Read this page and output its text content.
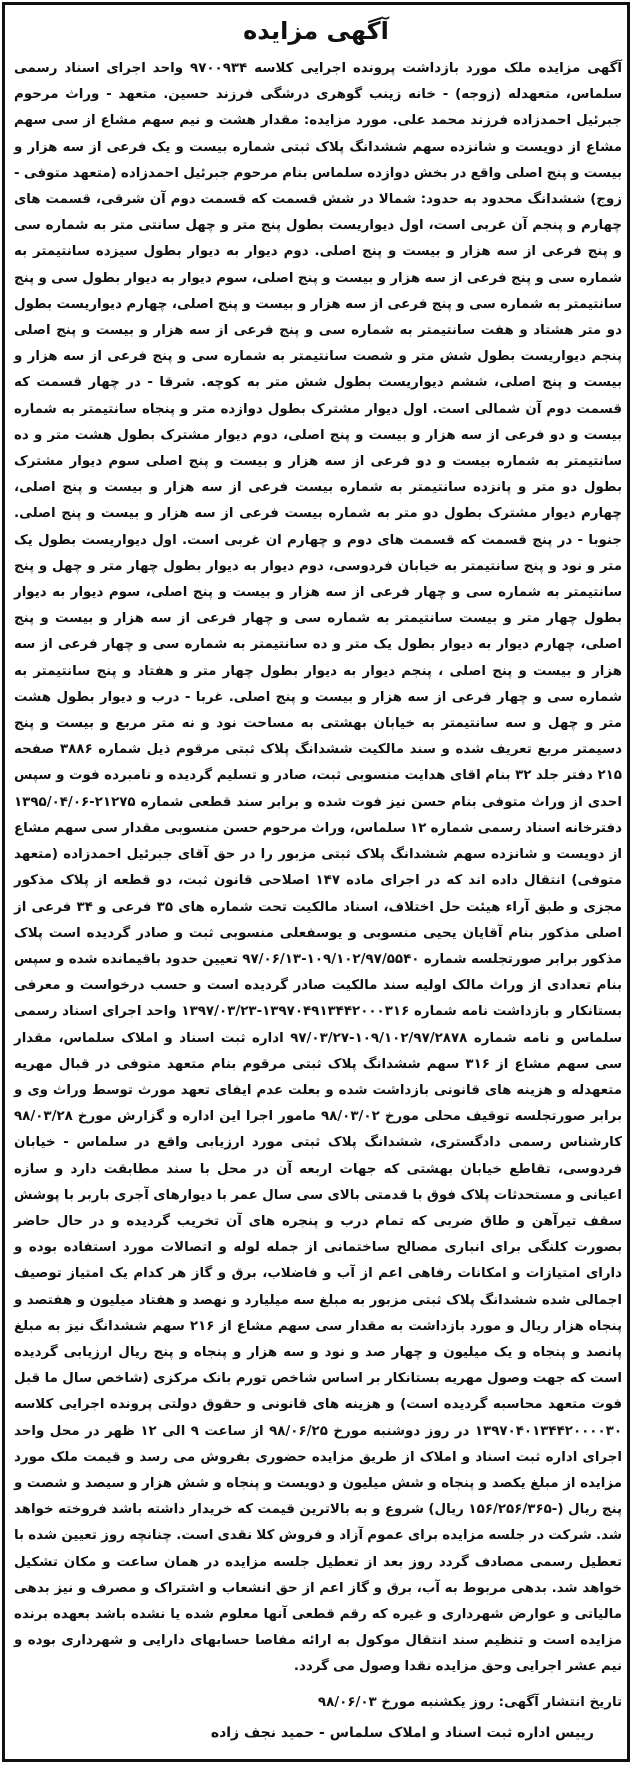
آگهی مزایده

آگهی مزایده ملک مورد بازداشت پرونده اجرایی کلاسه ۹۷۰۰۹۳۴ واحد اجرای اسناد رسمی سلماس، متعهدله (زوجه) - خانه زینب گوهری درشگی فرزند حسین. متعهد - وراث مرحوم جبرئیل احمدزاده فرزند محمد علی. مورد مزایده: مقدار هشت و نیم سهم مشاع از سی سهم مشاع از دویست و شانزده سهم ششدانگ پلاک ثبتی شماره بیست و یک فرعی از سه هزار و بیست و پنج اصلی واقع در بخش دوازده سلماس بنام مرحوم جبرئیل احمدزاده (متعهد متوفی - زوج) ششدانگ محدود به حدود: شمالا در شش قسمت که قسمت دوم آن شرقی، قسمت های چهارم و پنجم آن غربی است، اول دیواریست بطول پنج متر و چهل سانتی متر به شماره سی و پنج فرعی از سه هزار و بیست و پنج اصلی. دوم دیوار به دیوار بطول سیزده سانتیمتر به شماره سی و پنج فرعی از سه هزار و بیست و پنج اصلی، سوم دیوار به دیوار بطول سی و پنج سانتیمتر به شماره سی و پنج فرعی از سه هزار و بیست و پنج اصلی، چهارم دیواریست بطول دو متر هشتاد و هفت سانتیمتر به شماره سی و پنج فرعی از سه هزار و بیست و پنج اصلی پنجم دیواریست بطول شش متر و شصت سانتیمتر به شماره سی و پنج فرعی از سه هزار و بیست و پنج اصلی، ششم دیواریست بطول شش متر به کوچه. شرقا - در چهار قسمت که قسمت دوم آن شمالی است. اول دیوار مشترک بطول دوازده متر و پنجاه سانتیمتر به شماره بیست و دو فرعی از سه هزار و بیست و پنج اصلی، دوم دیوار مشترک بطول هشت متر و ده سانتیمتر به شماره بیست و دو فرعی از سه هزار و بیست و پنج اصلی سوم دیوار مشترک بطول دو متر و پانزده سانتیمتر به شماره بیست فرعی از سه هزار و بیست و پنج اصلی، چهارم دیوار مشترک بطول دو متر به شماره بیست فرعی از سه هزار و بیست و پنج اصلی. جنوبا - در پنج قسمت که قسمت های دوم و چهارم ان غربی است. اول دیواریست بطول یک متر و نود و پنج سانتیمتر به خیابان فردوسی، دوم دیوار به دیوار بطول چهار متر و چهل و پنج سانتیمتر به شماره سی و چهار فرعی از سه هزار و بیست و پنج اصلی، سوم دیوار به دیوار بطول چهار متر و بیست سانتیمتر به شماره سی و چهار فرعی از سه هزار و بیست و پنج اصلی، چهارم دیوار به دیوار بطول یک متر و ده سانتیمتر به شماره سی و چهار فرعی از سه هزار و بیست و پنج اصلی ، پنجم دیوار به دیوار بطول چهار متر و هفتاد و پنج سانتیمتر به شماره سی و چهار فرعی از سه هزار و بیست و پنج اصلی. غربا - درب و دیوار بطول هشت متر و چهل و سه سانتیمتر به خیابان بهشتی به مساحت نود و نه متر مربع و بیست و پنج دسیمتر مربع تعریف شده و سند مالکیت ششدانگ پلاک ثبتی مرقوم ذیل شماره ۳۸۸۶ صفحه ۲۱۵ دفتر جلد ۳۲ بنام اقای هدایت منسوبی ثبت، صادر و تسلیم گردیده و نامبرده فوت و سپس احدی از وراث متوفی بنام حسن نیز فوت شده و برابر سند قطعی شماره ۲۱۲۷۵-۱۳۹۵/۰۴/۰۶ دفترخانه اسناد رسمی شماره ۱۲ سلماس، وراث مرحوم حسن منسوبی مقدار سی سهم مشاع از دویست و شانزده سهم ششدانگ پلاک ثبتی مزبور را در حق آقای جبرئیل احمدزاده (متعهد متوفی) انتقال داده اند که در اجرای ماده ۱۴۷ اصلاحی قانون ثبت، دو قطعه از پلاک مذکور مجزی و طبق آراء هیئت حل اختلاف، اسناد مالکیت تحت شماره های ۳۵ فرعی و ۳۴ فرعی از اصلی مذکور بنام آقایان یحیی منسوبی و یوسفعلی منسوبی ثبت و صادر گردیده است پلاک مذکور برابر صورتجلسه شماره ۱۰۹/۱۰۲/۹۷/۵۵۴۰-۹۷/۰۶/۱۳ تعیین حدود باقیمانده شده و سپس بنام تعدادی از وراث مالک اولیه سند مالکیت صادر گردیده است و حسب درخواست و معرفی بستانکار و بازداشت نامه شماره ۱۳۹۷۰۴۹۱۳۴۴۲۰۰۰۳۱۶-۱۳۹۷/۰۳/۲۳ واحد اجرای اسناد رسمی سلماس و نامه شماره ۱۰۹/۱۰۲/۹۷/۲۸۷۸-۹۷/۰۳/۲۷ اداره ثبت اسناد و املاک سلماس، مقدار سی سهم مشاع از ۳۱۶ سهم ششدانگ پلاک ثبتی مرقوم بنام متعهد متوفی در قبال مهریه متعهدله و هزینه های قانونی بازداشت شده و بعلت عدم ایفای تعهد مورث توسط وراث وی و برابر صورتجلسه توقیف محلی مورخ ۹۸/۰۳/۰۲ مامور اجرا این اداره و گزارش مورخ ۹۸/۰۳/۲۸ کارشناس رسمی دادگستری، ششدانگ پلاک ثبتی مورد ارزیابی واقع در سلماس - خیابان فردوسی، تقاطع خیابان بهشتی که جهات اربعه آن در محل با سند مطابقت دارد و سازه اعیانی و مستحدثات پلاک فوق با قدمتی بالای سی سال عمر با دیوارهای آجری باربر با پوشش سقف تیرآهن و طاق ضربی که تمام درب و پنجره های آن تخریب گردیده و در حال حاضر بصورت کلنگی برای انباری مصالح ساختمانی از جمله لوله و اتصالات مورد استفاده بوده و دارای امتیازات و امکانات رفاهی اعم از آب و فاضلاب، برق و گاز هر کدام یک امتیاز توصیف اجمالی شده ششدانگ پلاک ثبتی مزبور به مبلغ سه میلیارد و نهصد و هفتاد میلیون و هفتصد و پنجاه هزار ریال و مورد بازداشت به مقدار سی سهم مشاع از ۲۱۶ سهم ششدانگ نیز به مبلغ پانصد و پنجاه و یک میلیون و چهار صد و نود و سه هزار و پنجاه و پنج ریال ارزیابی گردیده است که جهت وصول مهریه بستانکار بر اساس شاخص تورم بانک مرکزی (شاخص سال ما قبل فوت متعهد محاسبه گردیده است) و هزینه های قانونی و حقوق دولتی پرونده اجرایی کلاسه ۱۳۹۷۰۴۰۱۳۴۴۲۰۰۰۰۳۰ در روز دوشنبه مورخ ۹۸/۰۶/۲۵ از ساعت ۹ الی ۱۲ ظهر در محل واحد اجرای اداره ثبت اسناد و املاک از طریق مزایده حضوری بفروش می رسد و قیمت ملک مورد مزایده از مبلغ یکصد و پنجاه و شش میلیون و دویست و پنجاه و شش هزار و سیصد و شصت و پنج ریال (-۱۵۶/۲۵۶/۳۶۵ ریال) شروع و به بالاترین قیمت که خریدار داشته باشد فروخته خواهد شد. شرکت در جلسه مزایده برای عموم آزاد و فروش کلا نقدی است. چنانچه روز تعیین شده با تعطیل رسمی مصادف گردد روز بعد از تعطیل جلسه مزایده در همان ساعت و مکان تشکیل خواهد شد. بدهی مربوط به آب، برق و گاز اعم از حق انشعاب و اشتراک و مصرف و نیز بدهی مالیاتی و عوارض شهرداری و غیره که رقم قطعی آنها معلوم شده یا نشده باشد بعهده برنده مزایده است و تنظیم سند انتقال موکول به ارائه مفاصا حسابهای دارایی و شهرداری بوده و نیم عشر اجرایی وحق مزایده نقدا وصول می گردد.

تاریخ انتشار آگهی: روز یکشنبه مورخ ۹۸/۰۶/۰۳
رییس اداره ثبت اسناد و املاک سلماس - حمید نجف زاده
